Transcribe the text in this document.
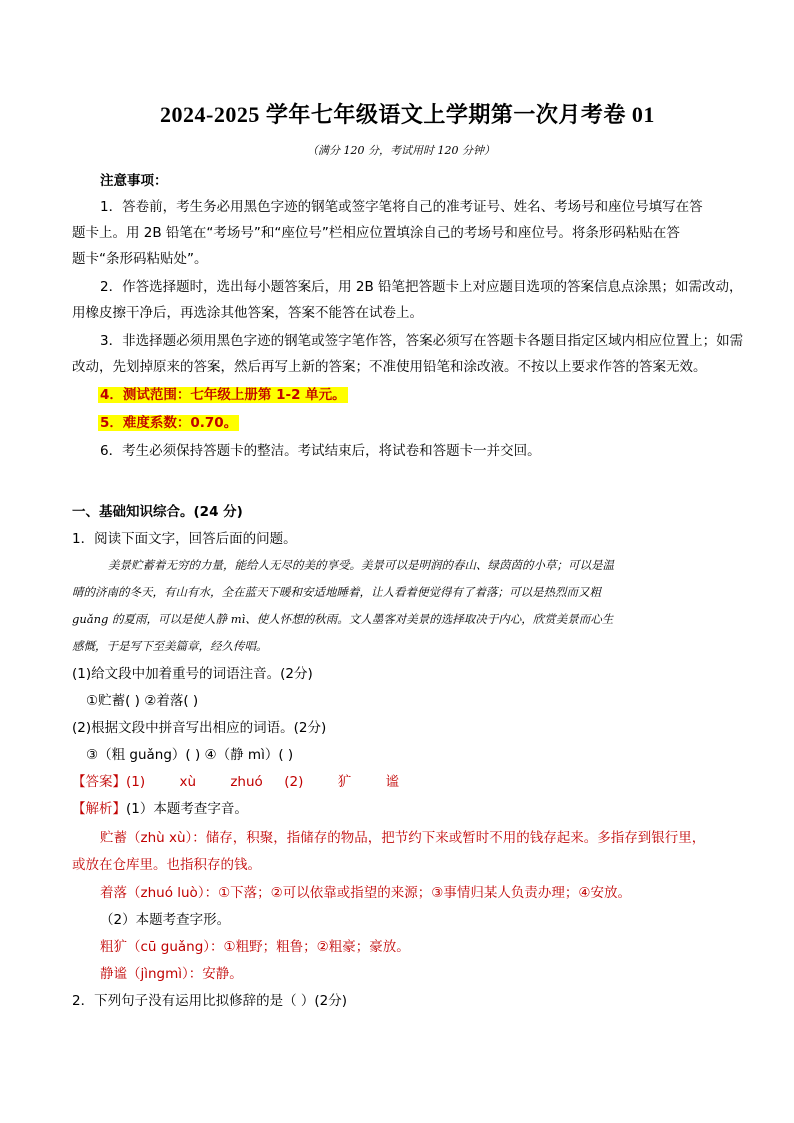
2024-2025 学年七年级语文上学期第一次月考卷 01
（满分 120 分，考试用时 120 分钟）
注意事项：
1．答卷前，考生务必用黑色字迹的钢笔或签字笔将自己的准考证号、姓名、考场号和座位号填写在答
题卡上。用 2B 铅笔在“考场号”和“座位号”栏相应位置填涂自己的考场号和座位号。将条形码粘贴在答
题卡“条形码粘贴处”。
2．作答选择题时，选出每小题答案后，用 2B 铅笔把答题卡上对应题目选项的答案信息点涂黑；如需改动，
用橡皮擦干净后，再选涂其他答案，答案不能答在试卷上。
3．非选择题必须用黑色字迹的钢笔或签字笔作答，答案必须写在答题卡各题目指定区域内相应位置上；如需
改动，先划掉原来的答案，然后再写上新的答案；不准使用铅笔和涂改液。不按以上要求作答的答案无效。
4．测试范围：七年级上册第 1-2 单元。
5．难度系数：0.70。
6．考生必须保持答题卡的整洁。考试结束后，将试卷和答题卡一并交回。
一、基础知识综合。(24 分)
1．阅读下面文字，回答后面的问题。
美景贮蓄着无穷的力量，能给人无尽的美的享受。美景可以是明润的春山、绿茵茵的小草；可以是温
晴的济南的冬天，有山有水，全在蓝天下暖和安适地睡着，让人看着便觉得有了着落；可以是热烈而又粗
guǎng 的夏雨，可以是使人静 mì、使人怀想的秋雨。文人墨客对美景的选择取决于内心，欣赏美景而心生
感慨，于是写下至美篇章，经久传唱。
(1)给文段中加着重号的词语注音。(2分)
①贮蓄( ) ②着落( )
(2)根据文段中拼音写出相应的词语。(2分)
③（粗 guǎng）( ) ④（静 mì）( )
【答案】(1)        xù        zhuó     (2)        犷        谧
【解析】(1）本题考查字音。
贮蓄（zhù xù）：储存，积聚，指储存的物品，把节约下来或暂时不用的钱存起来。多指存到银行里，
或放在仓库里。也指积存的钱。
着落（zhuó luò）：①下落；②可以依靠或指望的来源；③事情归某人负责办理；④安放。
（2）本题考查字形。
粗犷（cū guǎng）：①粗野；粗鲁；②粗豪；豪放。
静谧（jìngmì）：安静。
2．下列句子没有运用比拟修辞的是（ ）(2分)
